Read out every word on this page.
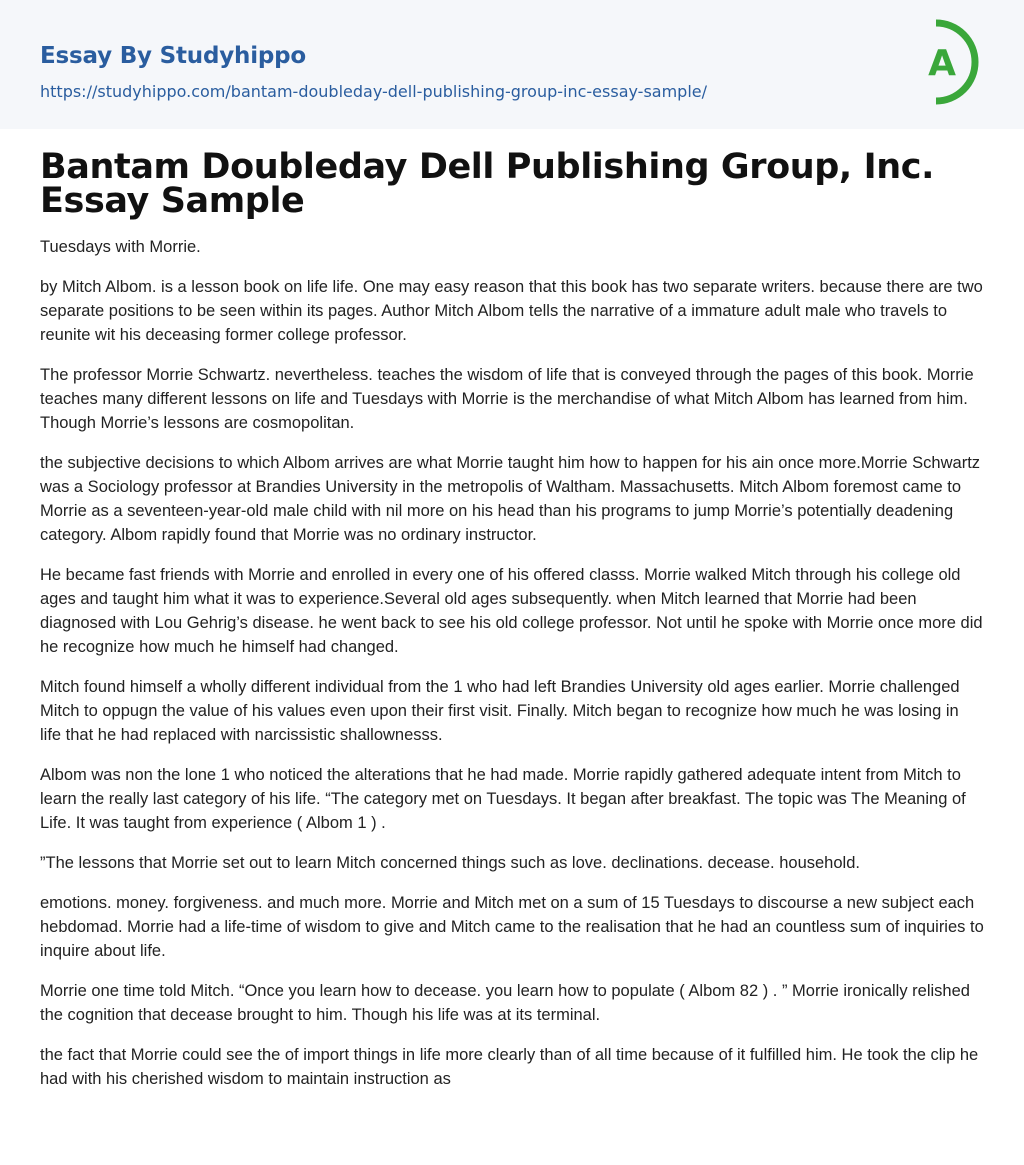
Essay By Studyhippo
https://studyhippo.com/bantam-doubleday-dell-publishing-group-inc-essay-sample/
A
Bantam Doubleday Dell Publishing Group, Inc. Essay Sample

Tuesdays with Morrie.

by Mitch Albom. is a lesson book on life life. One may easy reason that this book has two separate writers. because there are two separate positions to be seen within its pages. Author Mitch Albom tells the narrative of a immature adult male who travels to reunite wit his deceasing former college professor.

The professor Morrie Schwartz. nevertheless. teaches the wisdom of life that is conveyed through the pages of this book. Morrie teaches many different lessons on life and Tuesdays with Morrie is the merchandise of what Mitch Albom has learned from him. Though Morrie’s lessons are cosmopolitan.

the subjective decisions to which Albom arrives are what Morrie taught him how to happen for his ain once more.Morrie Schwartz was a Sociology professor at Brandies University in the metropolis of Waltham. Massachusetts. Mitch Albom foremost came to Morrie as a seventeen-year-old male child with nil more on his head than his programs to jump Morrie’s potentially deadening category. Albom rapidly found that Morrie was no ordinary instructor.

He became fast friends with Morrie and enrolled in every one of his offered classs. Morrie walked Mitch through his college old ages and taught him what it was to experience.Several old ages subsequently. when Mitch learned that Morrie had been diagnosed with Lou Gehrig’s disease. he went back to see his old college professor. Not until he spoke with Morrie once more did he recognize how much he himself had changed.

Mitch found himself a wholly different individual from the 1 who had left Brandies University old ages earlier. Morrie challenged Mitch to oppugn the value of his values even upon their first visit. Finally. Mitch began to recognize how much he was losing in life that he had replaced with narcissistic shallownesss.

Albom was non the lone 1 who noticed the alterations that he had made. Morrie rapidly gathered adequate intent from Mitch to learn the really last category of his life. “The category met on Tuesdays. It began after breakfast. The topic was The Meaning of Life. It was taught from experience ( Albom 1 ) .

”The lessons that Morrie set out to learn Mitch concerned things such as love. declinations. decease. household.

emotions. money. forgiveness. and much more. Morrie and Mitch met on a sum of 15 Tuesdays to discourse a new subject each hebdomad. Morrie had a life-time of wisdom to give and Mitch came to the realisation that he had an countless sum of inquiries to inquire about life.

Morrie one time told Mitch. “Once you learn how to decease. you learn how to populate ( Albom 82 ) . ” Morrie ironically relished the cognition that decease brought to him. Though his life was at its terminal.

the fact that Morrie could see the of import things in life more clearly than of all time because of it fulfilled him. He took the clip he had with his cherished wisdom to maintain instruction as
